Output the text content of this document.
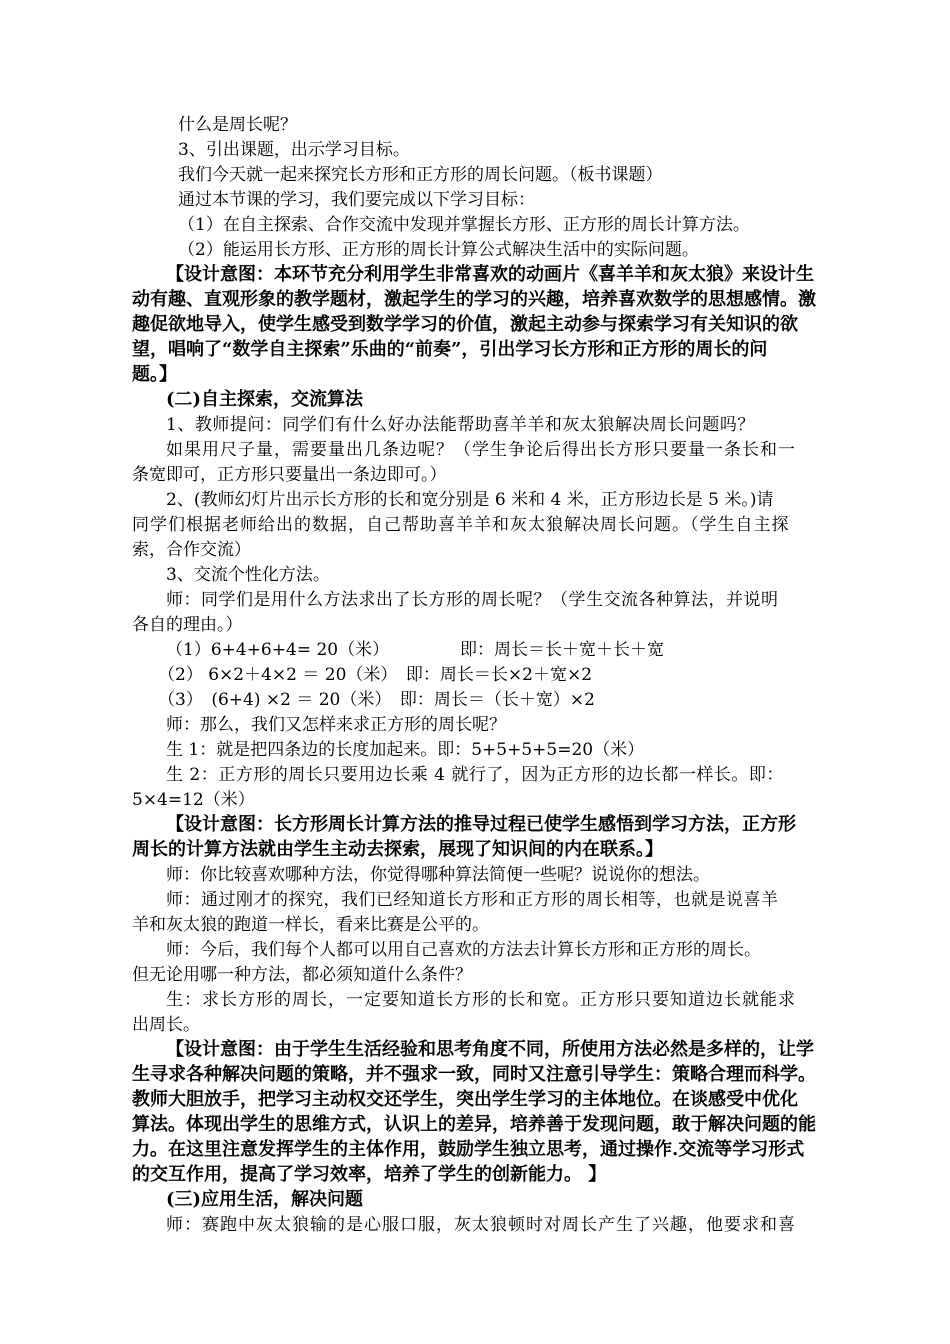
什么是周长呢？
3、引出课题，出示学习目标。
我们今天就一起来探究长方形和正方形的周长问题。（板书课题）
通过本节课的学习，我们要完成以下学习目标：
（1）在自主探索、合作交流中发现并掌握长方形、正方形的周长计算方法。
（2）能运用长方形、正方形的周长计算公式解决生活中的实际问题。
【设计意图：本环节充分利用学生非常喜欢的动画片《喜羊羊和灰太狼》来设计生
动有趣、直观形象的教学题材，激起学生的学习的兴趣，培养喜欢数学的思想感情。激
趣促欲地导入，使学生感受到数学学习的价值，激起主动参与探索学习有关知识的欲
望，唱响了“数学自主探索”乐曲的“前奏”，引出学习长方形和正方形的周长的问
题。】
(二)自主探索，交流算法
1、教师提问：同学们有什么好办法能帮助喜羊羊和灰太狼解决周长问题吗？
如果用尺子量，需要量出几条边呢？（学生争论后得出长方形只要量一条长和一
条宽即可，正方形只要量出一条边即可。）
2、(教师幻灯片出示长方形的长和宽分别是 6 米和 4 米，正方形边长是 5 米。)请
同学们根据老师给出的数据，自己帮助喜羊羊和灰太狼解决周长问题。（学生自主探
索，合作交流）
3、交流个性化方法。
师：同学们是用什么方法求出了长方形的周长呢？（学生交流各种算法，并说明
各自的理由。）
（1）6+4+6+4= 20（米）	即：周长＝长＋宽＋长＋宽
（2） 6×2＋4×2 ＝ 20（米）　即：周长＝长×2＋宽×2
（3）　(6+4) ×2 ＝ 20（米）　即：周长＝（长＋宽）×2
师：那么，我们又怎样来求正方形的周长呢？
生 1：就是把四条边的长度加起来。即：5+5+5+5=20（米）
生 2：正方形的周长只要用边长乘 4 就行了，因为正方形的边长都一样长。即：
5×4=12（米）
【设计意图：长方形周长计算方法的推导过程已使学生感悟到学习方法，正方形
周长的计算方法就由学生主动去探索，展现了知识间的内在联系。】
师：你比较喜欢哪种方法，你觉得哪种算法简便一些呢？说说你的想法。
师：通过刚才的探究，我们已经知道长方形和正方形的周长相等，也就是说喜羊
羊和灰太狼的跑道一样长，看来比赛是公平的。
师：今后，我们每个人都可以用自己喜欢的方法去计算长方形和正方形的周长。
但无论用哪一种方法，都必须知道什么条件？
生：求长方形的周长，一定要知道长方形的长和宽。正方形只要知道边长就能求
出周长。
【设计意图：由于学生生活经验和思考角度不同，所使用方法必然是多样的，让学
生寻求各种解决问题的策略，并不强求一致，同时又注意引导学生：策略合理而科学。
教师大胆放手，把学习主动权交还学生，突出学生学习的主体地位。在谈感受中优化
算法。体现出学生的思维方式，认识上的差异，培养善于发现问题，敢于解决问题的能
力。在这里注意发挥学生的主体作用，鼓励学生独立思考，通过操作.交流等学习形式
的交互作用，提高了学习效率，培养了学生的创新能力。 】
(三)应用生活，解决问题
师：赛跑中灰太狼输的是心服口服，灰太狼顿时对周长产生了兴趣，他要求和喜
